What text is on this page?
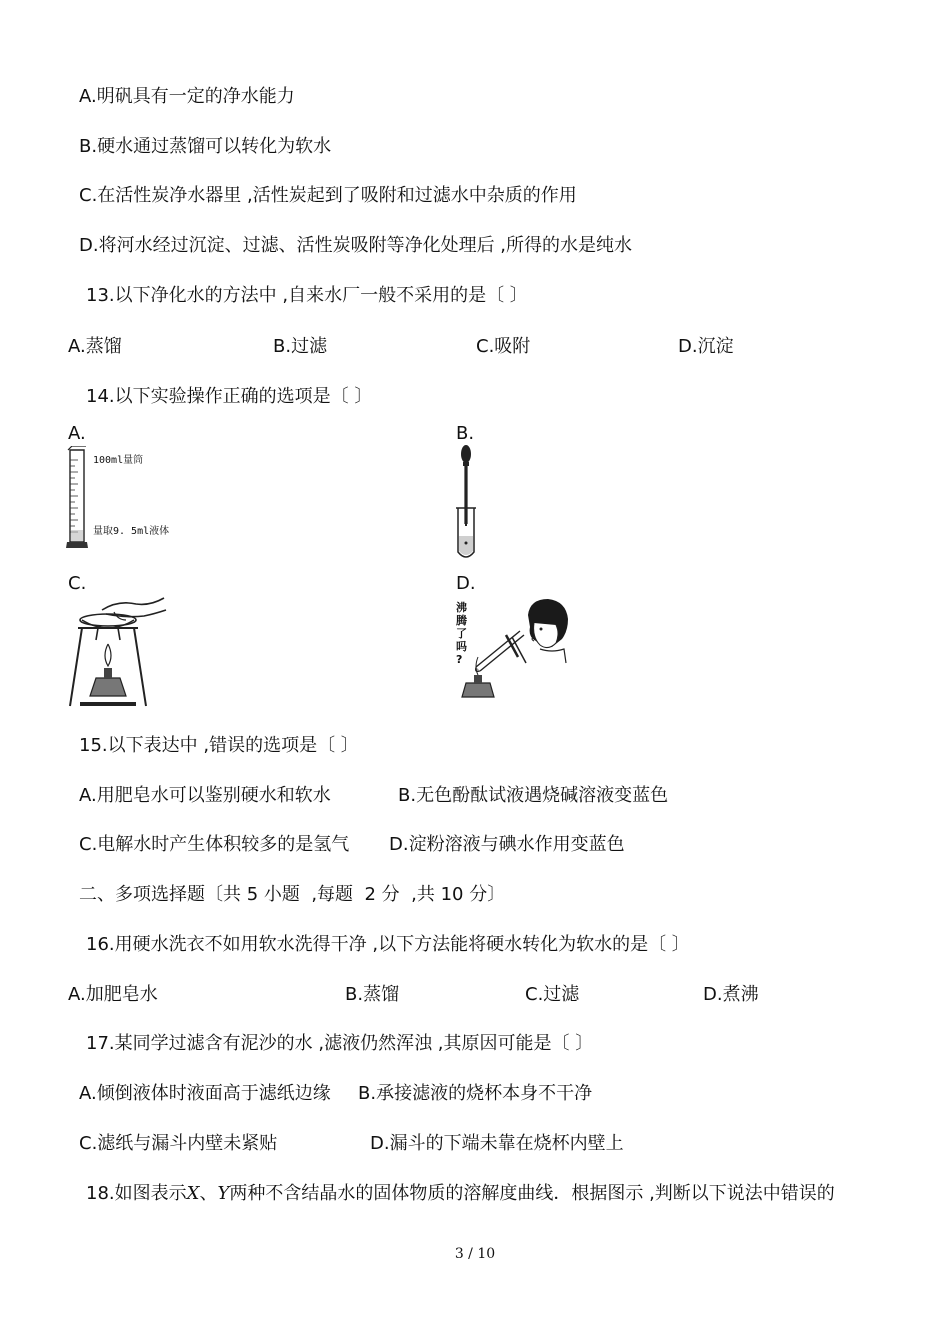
A.明矾具有一定的净水能力
B.硬水通过蒸馏可以转化为软水
C.在活性炭净水器里 ,活性炭起到了吸附和过滤水中杂质的作用
D.将河水经过沉淀、过滤、活性炭吸附等净化处理后 ,所得的水是纯水
13.以下净化水的方法中 ,自来水厂一般不采用的是〔 〕
A.蒸馏	B.过滤	C.吸附	D.沉淀
14.以下实验操作正确的选项是〔 〕
A.	B.
C.	D.
100ml量筒
量取9. 5ml液体
沸
腾
了
吗
?
15.以下表达中 ,错误的选项是〔 〕
A.用肥皂水可以鉴别硬水和软水	B.无色酚酞试液遇烧碱溶液变蓝色
C.电解水时产生体积较多的是氢气 D.淀粉溶液与碘水作用变蓝色
二、多项选择题〔共 5 小题  ,每题  2 分  ,共 10 分〕
16.用硬水洗衣不如用软水洗得干净 ,以下方法能将硬水转化为软水的是〔 〕
A.加肥皂水	B.蒸馏	C.过滤	D.煮沸
17.某同学过滤含有泥沙的水 ,滤液仍然浑浊 ,其原因可能是〔 〕
A.倾倒液体时液面高于滤纸边缘 B.承接滤液的烧杯本身不干净
C.滤纸与漏斗内壁未紧贴	D.漏斗的下端未靠在烧杯内壁上
18.如图表示X、Y两种不含结晶水的固体物质的溶解度曲线．根据图示 ,判断以下说法中错误的
3 / 10
